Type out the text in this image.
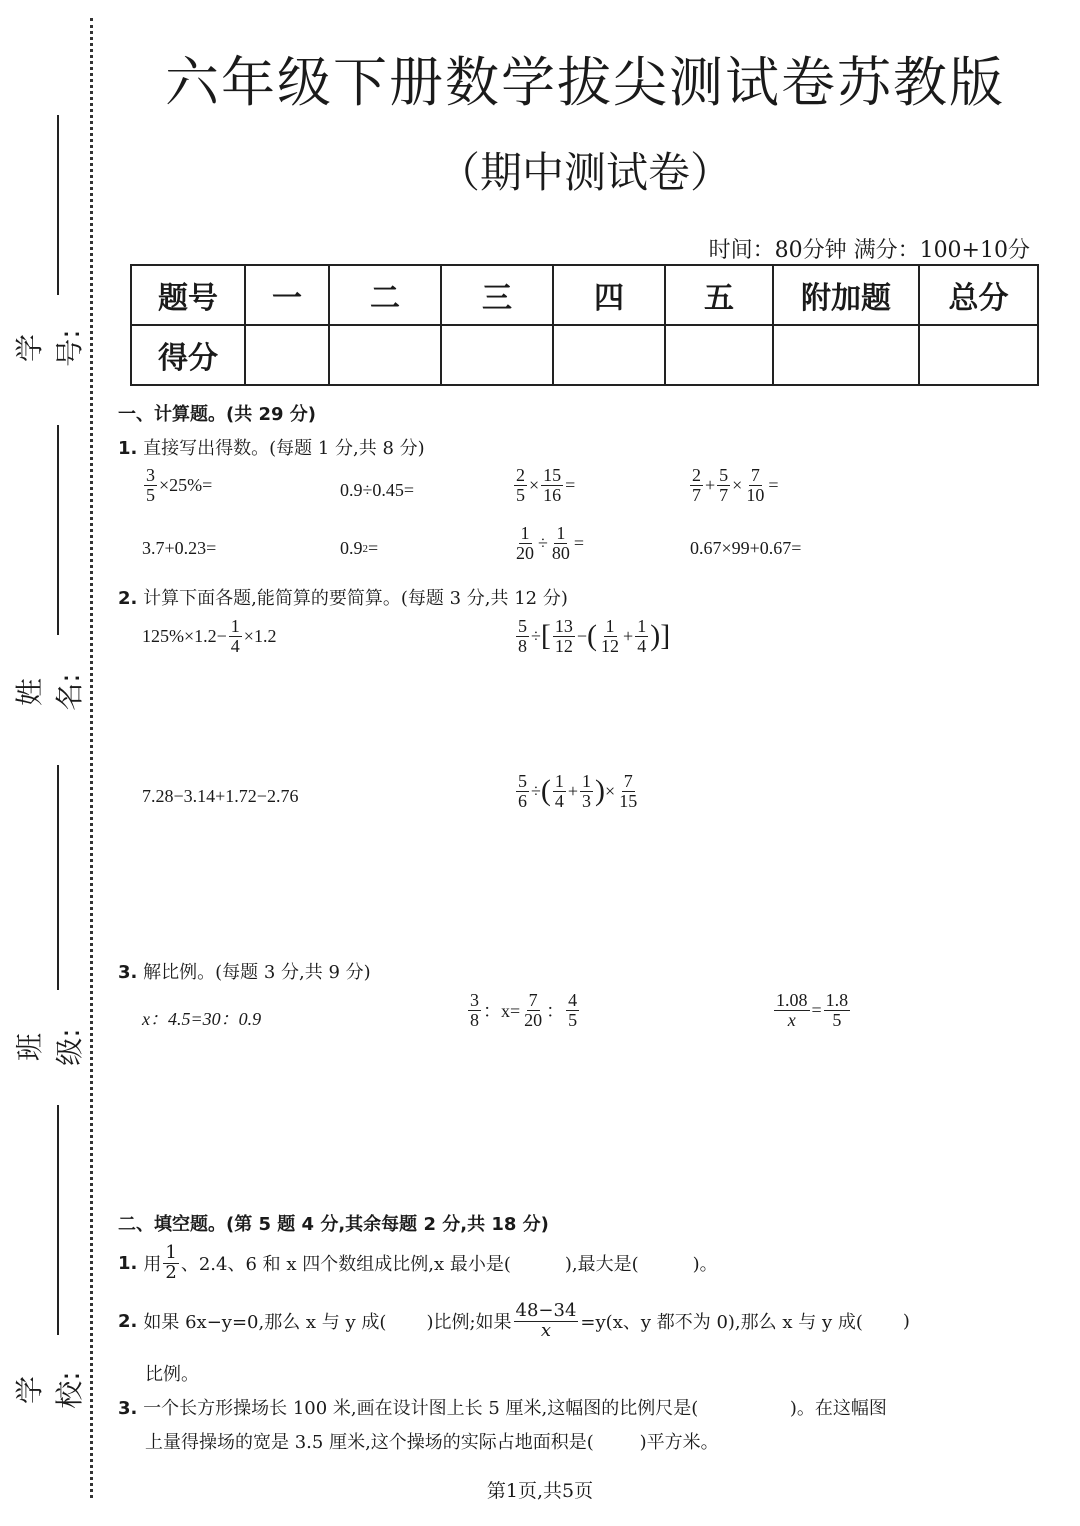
学号:
姓名:
班级:
学校:
六年级下册数学拔尖测试卷苏教版
（期中测试卷）
时间：80分钟 满分：100+10分
题号	一	二	三	四	五	附加题	总分
得分							
一、计算题。(共 29 分)
1. 直接写出得数。(每题 1 分,共 8 分)
$\frac{3}{5} \times 25\%=$	0.9÷0.45=	$\frac{2}{5} \times \frac{15}{16}$ =	$\frac{2}{7} + \frac{5}{7} \times \frac{7}{10}$ =
3.7+0.23=	0.9 2 =	$\frac{1}{20} \div \frac{1}{80}$ =	0.67×99+0.67=
2. 计算下面各题,能简算的要简算。(每题 3 分,共 12 分)
$125\%\times 1.2- \frac{1}{4} \times 1.2$	$\frac{5}{8}$ ÷ [ $\frac{13}{12}$ − ( $\frac{1}{12} + \frac{1}{4}$ ) ]
7.28−3.14+1.72−2.76	$\frac{5}{6}$ ÷ ( $\frac{1}{4} + \frac{1}{3}$ ) × $\frac{7}{15}$
3. 解比例。(每题 3 分,共 9 分)
x：4.5=30：0.9	$\frac{3}{8}$ ：$x= \frac{7}{20}$ ： $\frac{4}{5}$	$\frac{1.08}{x} = \frac{1.8}{5}$
二、填空题。(第 5 题 4 分,其余每题 2 分,共 18 分)
1. 用 $\frac{1}{2}$ 、2.4、6 和 x 四个数组成比例,x 最小是(	),最大是(	)。
2. 如果 6x−y=0,那么 x 与 y 成( )比例;如果 $\frac{48-34}{x} =y(x$、y 都不为 0),那么 x 与 y 成( )
比例。
3. 一个长方形操场长 100 米,画在设计图上长 5 厘米,这幅图的比例尺是(                )。在这幅图
上量得操场的宽是 3.5 厘米,这个操场的实际占地面积是(        )平方米。
第1页,共5页
